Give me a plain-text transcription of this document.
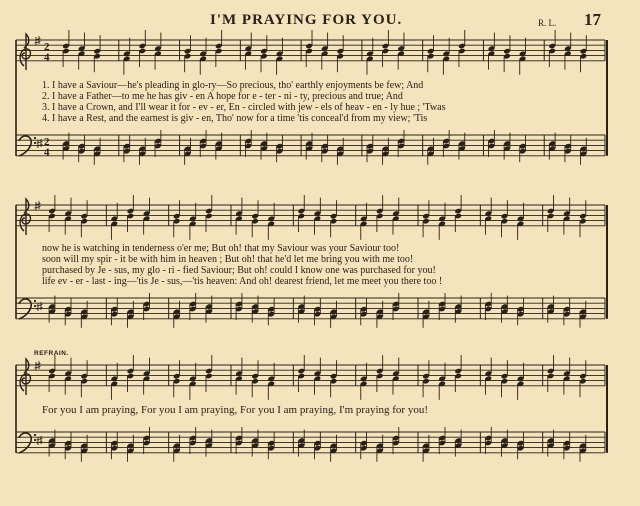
I'M PRAYING FOR YOU.	R. L. 17
2
4
2
4
1. I have a Saviour—he's pleading in glo-ry—So precious, tho' earthly enjoyments be few; And
2. I have a Father—to me he has giv - en A hope for e - ter - ni - ty, precious and true; And
3. I have a Crown, and I'll wear it for - ev - er, En - circled with jew - els of heav - en - ly hue ; 'Twas
4. I have a Rest, and the earnest is giv - en, Tho' now for a time 'tis conceal'd from my view; 'Tis
now he is watching in tenderness o'er me; But oh! that my Saviour was your Saviour too!
soon will my spir - it be with him in heaven ; But oh! that he'd let me bring you with me too!
purchased by Je - sus, my glo - ri - fied Saviour; But oh! could I know one was purchased for you!
life ev - er - last - ing—'tis Je - sus,—'tis heaven: And oh! dearest friend, let me meet you there too !
REFRAIN.
For you I am praying, For you I am praying, For you I am praying, I'm praying for you!
